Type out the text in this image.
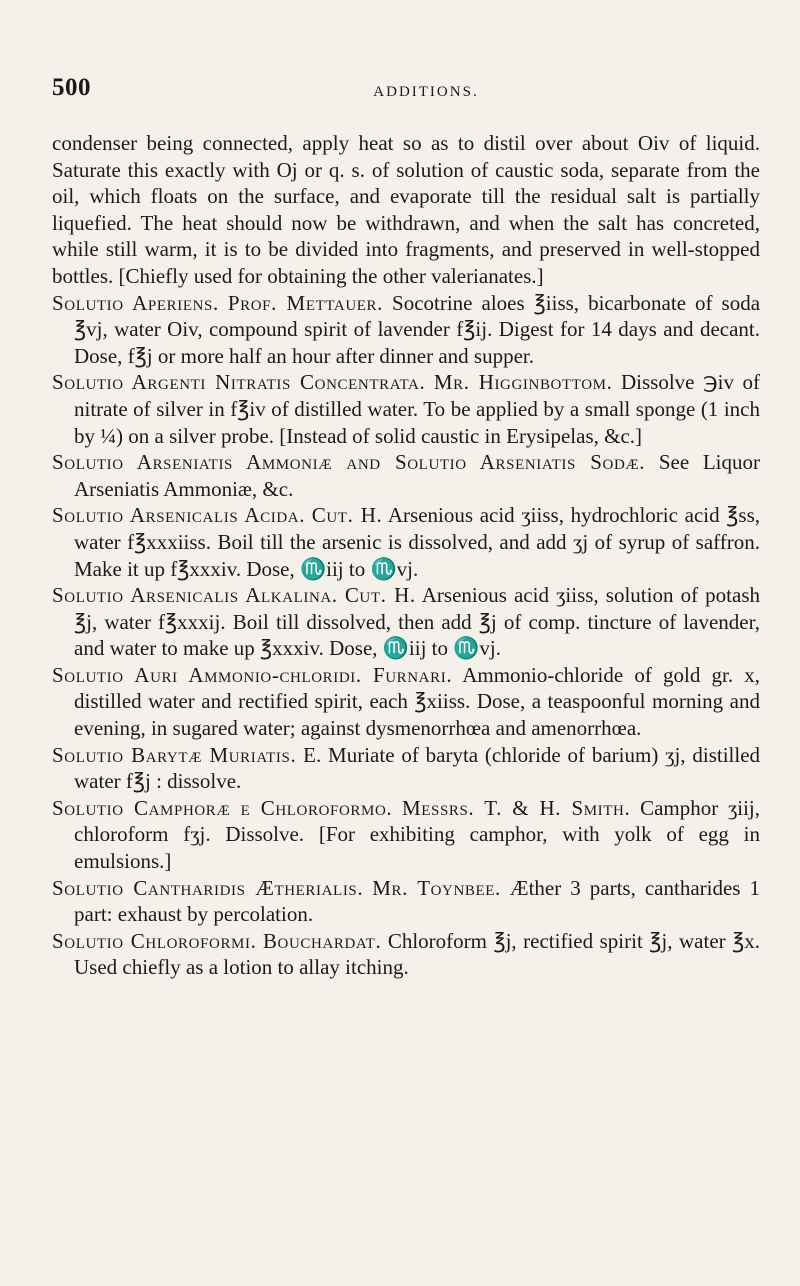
500	ADDITIONS.

condenser being connected, apply heat so as to distil over about Oiv of liquid. Saturate this exactly with Oj or q. s. of solution of caustic soda, separate from the oil, which floats on the surface, and evaporate till the residual salt is partially liquefied. The heat should now be withdrawn, and when the salt has concreted, while still warm, it is to be divided into fragments, and preserved in well-stopped bottles. [Chiefly used for obtaining the other valerianates.]

Solutio Aperiens. Prof. Mettauer. Socotrine aloes ℥iiss, bicarbonate of soda ℥vj, water Oiv, compound spirit of lavender f℥ij. Digest for 14 days and decant. Dose, f℥j or more half an hour after dinner and supper.

Solutio Argenti Nitratis Concentrata. Mr. Higginbottom. Dissolve ℈iv of nitrate of silver in f℥iv of distilled water. To be applied by a small sponge (1 inch by ¼) on a silver probe. [Instead of solid caustic in Erysipelas, &c.]

Solutio Arseniatis Ammoniæ and Solutio Arseniatis Sodæ. See Liquor Arseniatis Ammoniæ, &c.

Solutio Arsenicalis Acida. Cut. H. Arsenious acid ʒiiss, hydrochloric acid ℥ss, water f℥xxxiiss. Boil till the arsenic is dissolved, and add ʒj of syrup of saffron. Make it up f℥xxxiv. Dose, ♏iij to ♏vj.

Solutio Arsenicalis Alkalina. Cut. H. Arsenious acid ʒiiss, solution of potash ℥j, water f℥xxxij. Boil till dissolved, then add ℥j of comp. tincture of lavender, and water to make up ℥xxxiv. Dose, ♏iij to ♏vj.

Solutio Auri Ammonio-chloridi. Furnari. Ammonio-chloride of gold gr. x, distilled water and rectified spirit, each ℥xiiss. Dose, a teaspoonful morning and evening, in sugared water; against dysmenorrhœa and amenorrhœa.

Solutio Barytæ Muriatis. E. Muriate of baryta (chloride of barium) ʒj, distilled water f℥j : dissolve.

Solutio Camphoræ e Chloroformo. Messrs. T. & H. Smith. Camphor ʒiij, chloroform fʒj. Dissolve. [For exhibiting camphor, with yolk of egg in emulsions.]

Solutio Cantharidis Ætherialis. Mr. Toynbee. Æther 3 parts, cantharides 1 part: exhaust by percolation.

Solutio Chloroformi. Bouchardat. Chloroform ℥j, rectified spirit ℥j, water ℥x. Used chiefly as a lotion to allay itching.
